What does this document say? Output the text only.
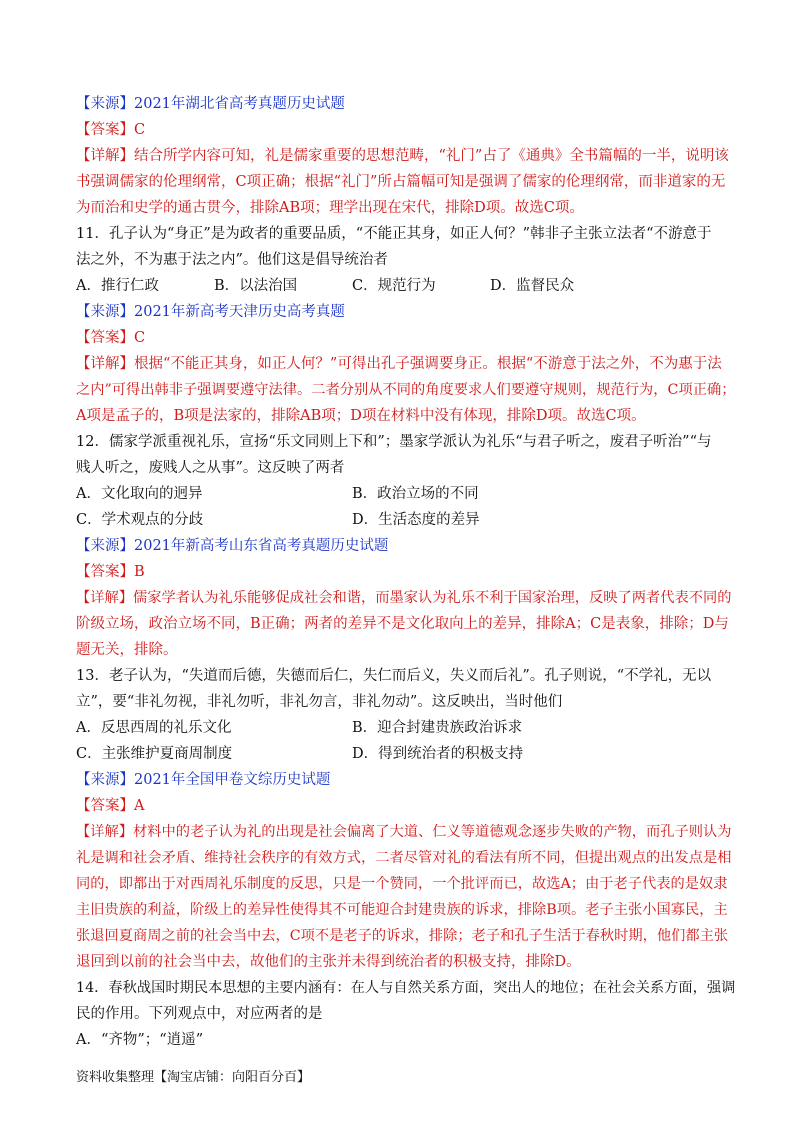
【来源】2021年湖北省高考真题历史试题
【答案】C
【详解】结合所学内容可知，礼是儒家重要的思想范畴，“礼门”占了《通典》全书篇幅的一半，说明该
书强调儒家的伦理纲常，C项正确；根据“礼门”所占篇幅可知是强调了儒家的伦理纲常，而非道家的无
为而治和史学的通古贯今，排除AB项；理学出现在宋代，排除D项。故选C项。
11．孔子认为“身正”是为政者的重要品质，“不能正其身，如正人何？”韩非子主张立法者“不游意于
法之外，不为惠于法之内”。他们这是倡导统治者
A．推行仁政	B．以法治国	C．规范行为	D．监督民众
【来源】2021年新高考天津历史高考真题
【答案】C
【详解】根据“不能正其身，如正人何？”可得出孔子强调要身正。根据“不游意于法之外，不为惠于法
之内”可得出韩非子强调要遵守法律。二者分别从不同的角度要求人们要遵守规则，规范行为，C项正确；
A项是孟子的，B项是法家的，排除AB项；D项在材料中没有体现，排除D项。故选C项。
12．儒家学派重视礼乐，宣扬“乐文同则上下和”；墨家学派认为礼乐“与君子听之，废君子听治”“与
贱人听之，废贱人之从事”。这反映了两者
A．文化取向的迥异	B．政治立场的不同
C．学术观点的分歧	D．生活态度的差异
【来源】2021年新高考山东省高考真题历史试题
【答案】B
【详解】儒家学者认为礼乐能够促成社会和谐，而墨家认为礼乐不利于国家治理，反映了两者代表不同的
阶级立场，政治立场不同，B正确；两者的差异不是文化取向上的差异，排除A；C是表象，排除；D与
题无关，排除。
13．老子认为，“失道而后德，失德而后仁，失仁而后义，失义而后礼”。孔子则说，“不学礼，无以
立”，要“非礼勿视，非礼勿听，非礼勿言，非礼勿动”。这反映出，当时他们
A．反思西周的礼乐文化	B．迎合封建贵族政治诉求
C．主张维护夏商周制度	D．得到统治者的积极支持
【来源】2021年全国甲卷文综历史试题
【答案】A
【详解】材料中的老子认为礼的出现是社会偏离了大道、仁义等道德观念逐步失败的产物，而孔子则认为
礼是调和社会矛盾、维持社会秩序的有效方式，二者尽管对礼的看法有所不同，但提出观点的出发点是相
同的，即都出于对西周礼乐制度的反思，只是一个赞同，一个批评而已，故选A；由于老子代表的是奴隶
主旧贵族的利益，阶级上的差异性使得其不可能迎合封建贵族的诉求，排除B项。老子主张小国寡民，主
张退回夏商周之前的社会当中去，C项不是老子的诉求，排除；老子和孔子生活于春秋时期，他们都主张
退回到以前的社会当中去，故他们的主张并未得到统治者的积极支持，排除D。
14．春秋战国时期民本思想的主要内涵有：在人与自然关系方面，突出人的地位；在社会关系方面，强调
民的作用。下列观点中，对应两者的是
A．“齐物”；“逍遥”
资料收集整理【淘宝店铺：向阳百分百】
